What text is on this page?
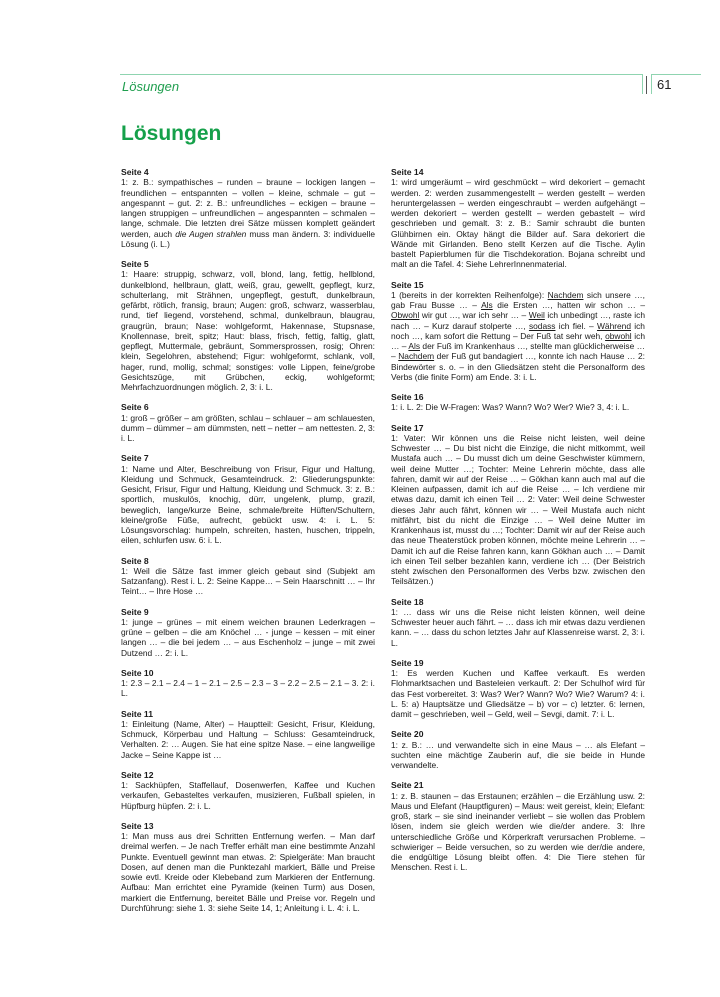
Lösungen	61
Lösungen

Seite 4

1: z. B.: sympathisches – runden – braune – lockigen langen – freundlichen – entspannten – vollen – kleine, schmale – gut – angespannt – gut. 2: z. B.: unfreundliches – eckigen – braune – langen struppigen – unfreundlichen – angespannten – schmalen – lange, schmale. Die letzten drei Sätze müssen komplett geändert werden, auch die Augen strahlen muss man ändern. 3: individuelle Lösung (i. L.)

Seite 5

1: Haare: struppig, schwarz, voll, blond, lang, fettig, hellblond, dunkelblond, hellbraun, glatt, weiß, grau, gewellt, gepflegt, kurz, schulterlang, mit Strähnen, ungepflegt, gestuft, dunkelbraun, gefärbt, rötlich, fransig, braun; Augen: groß, schwarz, wasserblau, rund, tief liegend, vorstehend, schmal, dunkelbraun, blaugrau, graugrün, braun; Nase: wohlgeformt, Hakennase, Stupsnase, Knollennase, breit, spitz; Haut: blass, frisch, fettig, faltig, glatt, gepflegt, Muttermale, gebräunt, Sommersprossen, rosig; Ohren: klein, Segelohren, abstehend; Figur: wohlgeformt, schlank, voll, hager, rund, mollig, schmal; sonstiges: volle Lippen, feine/grobe Gesichtszüge, mit Grübchen, eckig, wohlgeformt; Mehrfachzuordnungen möglich. 2, 3: i. L.

Seite 6

1: groß – größer – am größten, schlau – schlauer – am schlauesten, dumm – dümmer – am dümmsten, nett – netter – am nettesten. 2, 3: i. L.

Seite 7

1: Name und Alter, Beschreibung von Frisur, Figur und Haltung, Kleidung und Schmuck, Gesamteindruck. 2: Gliederungspunkte: Gesicht, Frisur, Figur und Haltung, Kleidung und Schmuck. 3: z. B.: sportlich, muskulös, knochig, dürr, ungelenk, plump, grazil, beweglich, lange/kurze Beine, schmale/breite Hüften/Schultern, kleine/große Füße, aufrecht, gebückt usw. 4: i. L. 5: Lösungsvorschlag: humpeln, schreiten, hasten, huschen, trippeln, eilen, schlurfen usw. 6: i. L.

Seite 8

1: Weil die Sätze fast immer gleich gebaut sind (Subjekt am Satzanfang). Rest i. L. 2: Seine Kappe… – Sein Haarschnitt … – Ihr Teint… – Ihre Hose …

Seite 9

1: junge – grünes – mit einem weichen braunen Lederkragen – grüne – gelben – die am Knöchel … - junge – kessen – mit einer langen … – die bei jedem … – aus Eschenholz – junge – mit zwei Dutzend … 2: i. L.

Seite 10

1: 2.3 – 2.1 – 2.4 – 1 – 2.1 – 2.5 – 2.3 – 3 – 2.2 – 2.5 – 2.1 – 3. 2: i. L.

Seite 11

1: Einleitung (Name, Alter) – Hauptteil: Gesicht, Frisur, Kleidung, Schmuck, Körperbau und Haltung – Schluss: Gesamteindruck, Verhalten. 2: … Augen. Sie hat eine spitze Nase. – eine langweilige Jacke – Seine Kappe ist …

Seite 12

1: Sackhüpfen, Staffellauf, Dosenwerfen, Kaffee und Kuchen verkaufen, Gebasteltes verkaufen, musizieren, Fußball spielen, in Hüpfburg hüpfen. 2: i. L.

Seite 13

1: Man muss aus drei Schritten Entfernung werfen. – Man darf dreimal werfen. – Je nach Treffer erhält man eine bestimmte Anzahl Punkte. Eventuell gewinnt man etwas. 2: Spielgeräte: Man braucht Dosen, auf denen man die Punktezahl markiert, Bälle und Preise sowie evtl. Kreide oder Klebeband zum Markieren der Entfernung. Aufbau: Man errichtet eine Pyramide (keinen Turm) aus Dosen, markiert die Entfernung, bereitet Bälle und Preise vor. Regeln und Durchführung: siehe 1. 3: siehe Seite 14, 1; Anleitung i. L. 4: i. L.

Seite 14

1: wird umgeräumt – wird geschmückt – wird dekoriert – gemacht werden. 2: werden zusammengestellt – werden gestellt – werden heruntergelassen – werden eingeschraubt – werden aufgehängt – werden dekoriert – werden gestellt – werden gebastelt – wird geschrieben und gemalt. 3: z. B.: Samir schraubt die bunten Glühbirnen ein. Oktay hängt die Bilder auf. Sara dekoriert die Wände mit Girlanden. Beno stellt Kerzen auf die Tische. Aylin bastelt Papierblumen für die Tischdekoration. Bojana schreibt und malt an die Tafel. 4: Siehe LehrerInnenmaterial.

Seite 15

1 (bereits in der korrekten Reihenfolge): Nachdem sich unsere …, gab Frau Busse … – Als die Ersten …, hatten wir schon … – Obwohl wir gut …, war ich sehr … – Weil ich unbedingt …, raste ich nach … – Kurz darauf stolperte …, sodass ich fiel. – Während ich noch …, kam sofort die Rettung – Der Fuß tat sehr weh, obwohl ich … – Als der Fuß im Krankenhaus …, stellte man glücklicherweise … – Nachdem der Fuß gut bandagiert …, konnte ich nach Hause … 2: Bindewörter s. o. – in den Gliedsätzen steht die Personalform des Verbs (die finite Form) am Ende. 3: i. L.

Seite 16

1: i. L. 2: Die W-Fragen: Was? Wann? Wo? Wer? Wie? 3, 4: i. L.

Seite 17

1: Vater: Wir können uns die Reise nicht leisten, weil deine Schwester … – Du bist nicht die Einzige, die nicht mitkommt, weil Mustafa auch … – Du musst dich um deine Geschwister kümmern, weil deine Mutter …; Tochter: Meine Lehrerin möchte, dass alle fahren, damit wir auf der Reise … – Gökhan kann auch mal auf die Kleinen aufpassen, damit ich auf die Reise … – Ich verdiene mir etwas dazu, damit ich einen Teil … 2: Vater: Weil deine Schwester dieses Jahr auch fährt, können wir … – Weil Mustafa auch nicht mitfährt, bist du nicht die Einzige … – Weil deine Mutter im Krankenhaus ist, musst du …; Tochter: Damit wir auf der Reise auch das neue Theaterstück proben können, möchte meine Lehrerin … – Damit ich auf die Reise fahren kann, kann Gökhan auch … – Damit ich einen Teil selber bezahlen kann, verdiene ich … (Der Beistrich steht zwischen den Personalformen des Verbs bzw. zwischen den Teilsätzen.)

Seite 18

1: … dass wir uns die Reise nicht leisten können, weil deine Schwester heuer auch fährt. – … dass ich mir etwas dazu verdienen kann. – … dass du schon letztes Jahr auf Klassenreise warst. 2, 3: i. L.

Seite 19

1: Es werden Kuchen und Kaffee verkauft. Es werden Flohmarktsachen und Basteleien verkauft. 2: Der Schulhof wird für das Fest vorbereitet. 3: Was? Wer? Wann? Wo? Wie? Warum? 4: i. L. 5: a) Hauptsätze und Gliedsätze – b) vor – c) letzter. 6: lernen, damit – geschrieben, weil – Geld, weil – Sevgi, damit. 7: i. L.

Seite 20

1: z. B.: … und verwandelte sich in eine Maus – … als Elefant – suchten eine mächtige Zauberin auf, die sie beide in Hunde verwandelte.

Seite 21

1: z. B. staunen – das Erstaunen; erzählen – die Erzählung usw. 2: Maus und Elefant (Hauptfiguren) – Maus: weit gereist, klein; Elefant: groß, stark – sie sind ineinander verliebt – sie wollen das Problem lösen, indem sie gleich werden wie die/der andere. 3: Ihre unterschiedliche Größe und Körperkraft verursachen Probleme. – schwieriger – Beide versuchen, so zu werden wie der/die andere, die endgültige Lösung bleibt offen. 4: Die Tiere stehen für Menschen. Rest i. L.
